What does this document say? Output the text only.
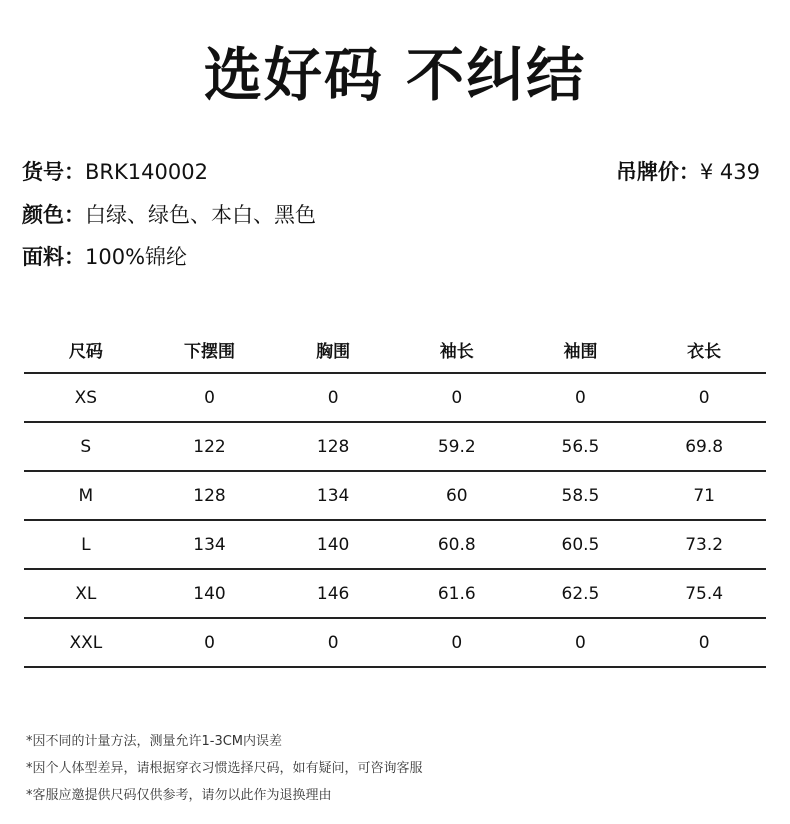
选好码 不纠结
货号：BRK140002	吊牌价：¥ 439
颜色：白绿、绿色、本白、黑色
面料：100%锦纶
尺码	下摆围	胸围	袖长	袖围	衣长
XS	0	0	0	0	0
S	122	128	59.2	56.5	69.8
M	128	134	60	58.5	71
L	134	140	60.8	60.5	73.2
XL	140	146	61.6	62.5	75.4
XXL	0	0	0	0	0
*因不同的计量方法，测量允许1-3CM内误差
*因个人体型差异，请根据穿衣习惯选择尺码，如有疑问，可咨询客服
*客服应邀提供尺码仅供参考，请勿以此作为退换理由
